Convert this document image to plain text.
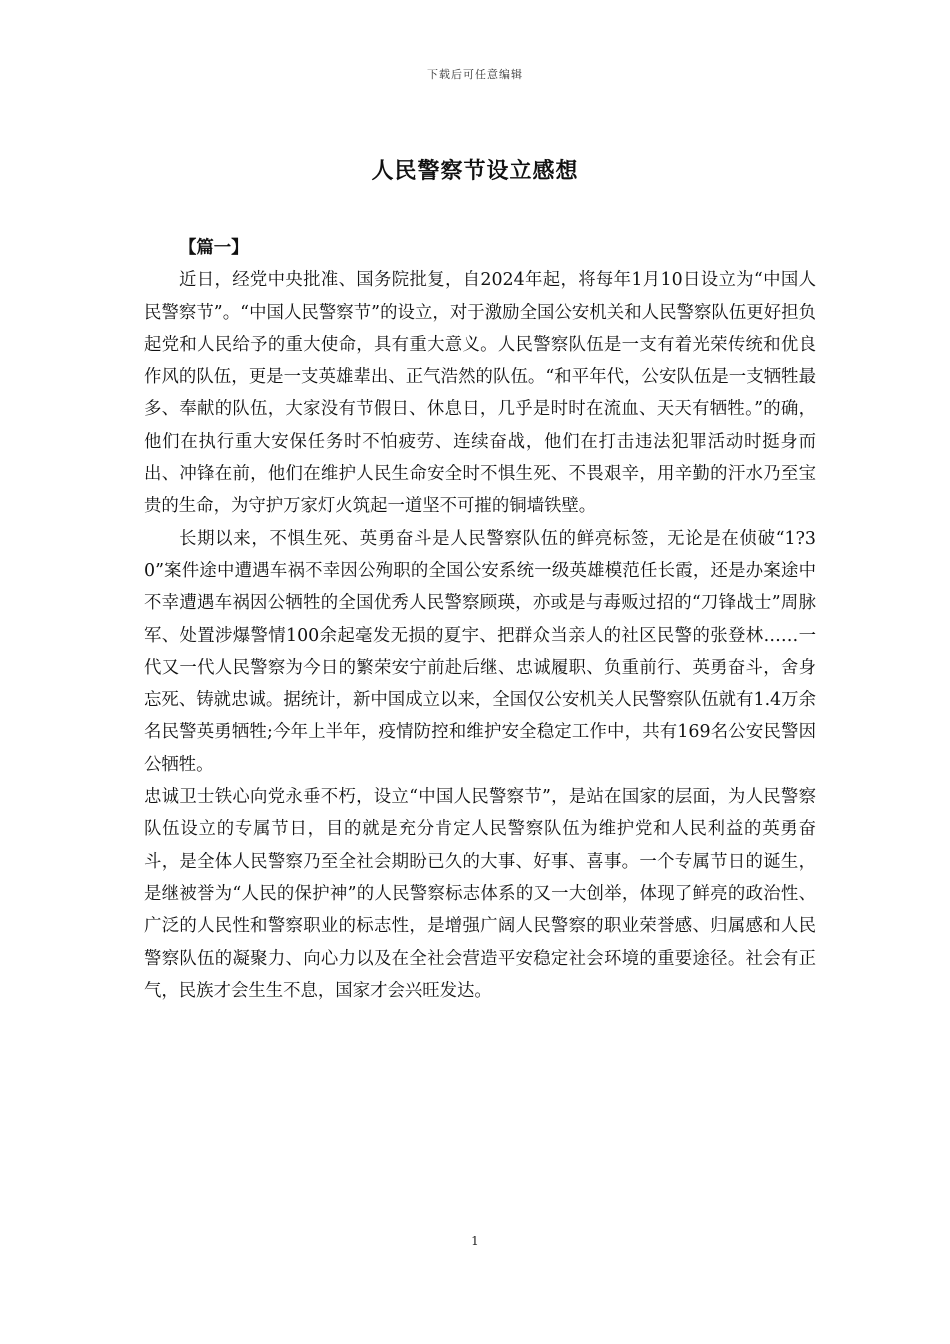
下载后可任意编辑
人民警察节设立感想

【篇一】

近日，经党中央批准、国务院批复，自2024年起，将每年1月10日设立为“中国人民警察节”。“中国人民警察节”的设立，对于激励全国公安机关和人民警察队伍更好担负起党和人民给予的重大使命，具有重大意义。人民警察队伍是一支有着光荣传统和优良作风的队伍，更是一支英雄辈出、正气浩然的队伍。“和平年代，公安队伍是一支牺牲最多、奉献的队伍，大家没有节假日、休息日，几乎是时时在流血、天天有牺牲。”的确，他们在执行重大安保任务时不怕疲劳、连续奋战，他们在打击违法犯罪活动时挺身而出、冲锋在前，他们在维护人民生命安全时不惧生死、不畏艰辛，用辛勤的汗水乃至宝贵的生命，为守护万家灯火筑起一道坚不可摧的铜墙铁壁。

长期以来，不惧生死、英勇奋斗是人民警察队伍的鲜亮标签，无论是在侦破“1?30”案件途中遭遇车祸不幸因公殉职的全国公安系统一级英雄模范任长霞，还是办案途中不幸遭遇车祸因公牺牲的全国优秀人民警察顾瑛，亦或是与毒贩过招的“刀锋战士”周脉军、处置涉爆警情100余起毫发无损的夏宇、把群众当亲人的社区民警的张登林……一代又一代人民警察为今日的繁荣安宁前赴后继、忠诚履职、负重前行、英勇奋斗，舍身忘死、铸就忠诚。据统计，新中国成立以来，全国仅公安机关人民警察队伍就有1.4万余名民警英勇牺牲;今年上半年，疫情防控和维护安全稳定工作中，共有169名公安民警因公牺牲。

忠诚卫士铁心向党永垂不朽，设立“中国人民警察节”，是站在国家的层面，为人民警察队伍设立的专属节日，目的就是充分肯定人民警察队伍为维护党和人民利益的英勇奋斗，是全体人民警察乃至全社会期盼已久的大事、好事、喜事。一个专属节日的诞生，是继被誉为“人民的保护神”的人民警察标志体系的又一大创举，体现了鲜亮的政治性、广泛的人民性和警察职业的标志性，是增强广阔人民警察的职业荣誉感、归属感和人民警察队伍的凝聚力、向心力以及在全社会营造平安稳定社会环境的重要途径。社会有正气，民族才会生生不息，国家才会兴旺发达。

1
